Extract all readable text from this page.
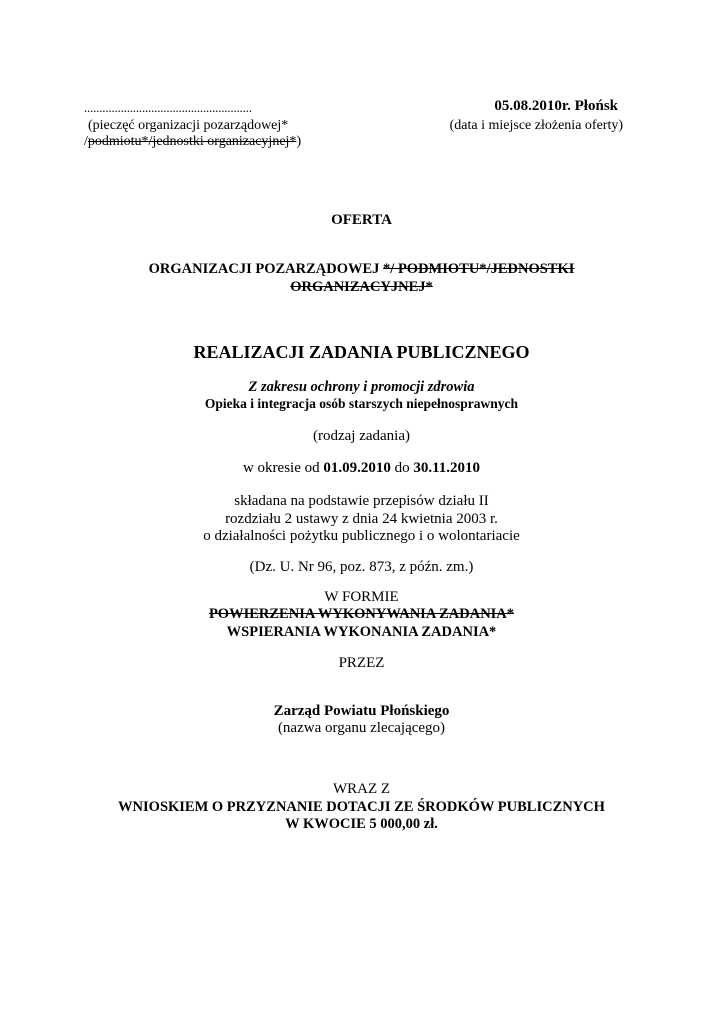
.......................................................
(pieczęć organizacji pozarządowej*
/podmiotu*/jednostki organizacyjnej*)
05.08.2010r. Płońsk
(data i miejsce złożenia oferty)
OFERTA
ORGANIZACJI POZARZĄDOWEJ */ PODMIOTU*/JEDNOSTKI
ORGANIZACYJNEJ*
REALIZACJI ZADANIA PUBLICZNEGO
Z zakresu ochrony i promocji zdrowia
Opieka i integracja osób starszych niepełnosprawnych
(rodzaj zadania)
w okresie od 01.09.2010 do 30.11.2010
składana na podstawie przepisów działu II
rozdziału 2 ustawy z dnia 24 kwietnia 2003 r.
o działalności pożytku publicznego i o wolontariacie
(Dz. U. Nr 96, poz. 873, z późn. zm.)
W FORMIE
POWIERZENIA WYKONYWANIA ZADANIA*
WSPIERANIA WYKONANIA ZADANIA*
PRZEZ
Zarząd Powiatu Płońskiego
(nazwa organu zlecającego)
WRAZ Z
WNIOSKIEM O PRZYZNANIE DOTACJI ZE ŚRODKÓW PUBLICZNYCH
W KWOCIE 5 000,00 zł.
